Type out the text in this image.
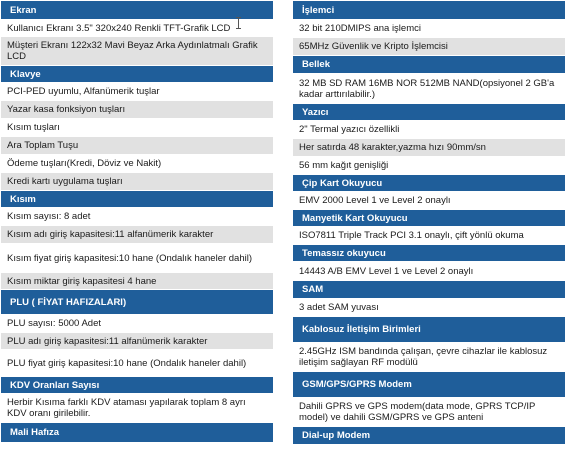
Ekran
Kullanıcı Ekranı 3.5" 320x240 Renkli TFT-Grafik LCD
Müşteri Ekranı 122x32 Mavi Beyaz Arka Aydınlatmalı Grafik LCD
Klavye
PCI-PED uyumlu, Alfanümerik tuşlar
Yazar kasa fonksiyon tuşları
Kısım tuşları
Ara Toplam Tuşu
Ödeme tuşları(Kredi, Döviz ve Nakit)
Kredi kartı uygulama tuşları
Kısım
Kısım sayısı: 8 adet
Kısım adı giriş kapasitesi:11 alfanümerik karakter
Kısım fiyat giriş kapasitesi:10 hane (Ondalık haneler dahil)
Kısım miktar giriş kapasitesi 4 hane
PLU ( FİYAT HAFIZALARI)
PLU sayısı: 5000 Adet
PLU adı giriş kapasitesi:11 alfanümerik karakter
PLU fiyat giriş kapasitesi:10 hane (Ondalık haneler dahil)
KDV Oranları Sayısı
Herbir Kısıma farklı KDV ataması yapılarak toplam 8 ayrı KDV oranı girilebilir.
Mali Hafıza
İşlemci
32 bit 210DMIPS ana işlemci
65MHz Güvenlik ve Kripto İşlemcisi
Bellek
32 MB SD RAM 16MB NOR 512MB NAND(opsiyonel 2 GB'a kadar arttırılabilir.)
Yazıcı
2" Termal yazıcı özellikli
Her satırda 48 karakter,yazma hızı 90mm/sn
56 mm kağıt genişliği
Çip Kart Okuyucu
EMV 2000 Level 1 ve Level 2 onaylı
Manyetik Kart Okuyucu
ISO7811 Triple Track PCI 3.1 onaylı, çift yönlü okuma
Temassız okuyucu
14443 A/B EMV Level 1 ve Level 2 onaylı
SAM
3 adet SAM yuvası
Kablosuz İletişim Birimleri
2.45GHz ISM bandında çalışan, çevre cihazlar ile kablosuz iletişim sağlayan RF modülü
GSM/GPS/GPRS Modem
Dahili GPRS ve GPS modem(data mode, GPRS TCP/IP model) ve dahili GSM/GPRS ve GPS anteni
Dial-up Modem
